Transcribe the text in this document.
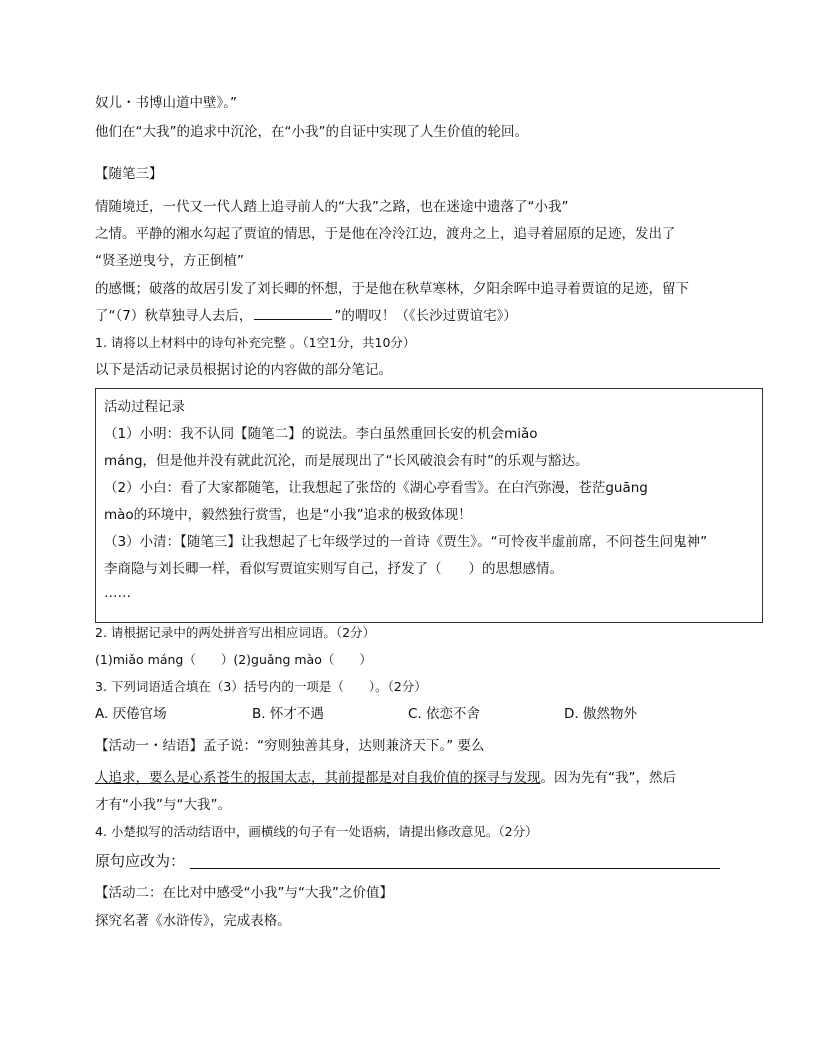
奴儿・书博山道中壁》。”
他们在“大我”的追求中沉沦，在“小我”的自证中实现了人生价值的轮回。
【随笔三】
情随境迁，一代又一代人踏上追寻前人的“大我”之路，也在迷途中遗落了“小我”
之情。平静的湘水勾起了贾谊的情思，于是他在冷泠江边，渡舟之上，追寻着屈原的足迹，发出了
“贤圣逆曳兮，方正倒植”
的感慨；破落的故居引发了刘长卿的怀想，于是他在秋草寒林，夕阳余晖中追寻着贾谊的足迹，留下
了“（7）秋草独寻人去后，	”的喟叹！（《长沙过贾谊宅》）
1. 请将以上材料中的诗句补充完整 。（1空1分，共10分）
以下是活动记录员根据讨论的内容做的部分笔记。
活动过程记录
（1）小明：我不认同【随笔二】的说法。李白虽然重回长安的机会miǎo
máng，但是他并没有就此沉沦，而是展现出了“长风破浪会有时”的乐观与豁达。
（2）小白：看了大家都随笔，让我想起了张岱的《湖心亭看雪》。在白汽弥漫，苍茫guāng
mào的环境中，毅然独行赏雪，也是“小我”追求的极致体现！
（3）小清：【随笔三】让我想起了七年级学过的一首诗《贾生》。“可怜夜半虚前席，不问苍生问鬼神”
李商隐与刘长卿一样，看似写贾谊实则写自己，抒发了（　　）的思想感情。
……
2. 请根据记录中的两处拼音写出相应词语。（2分）
(1)miǎo máng（　　）(2)guǎng mào（　　）
3. 下列词语适合填在（3）括号内的一项是（　　）。（2分）
A. 厌倦官场	B. 怀才不遇	C. 依恋不舍	D. 傲然物外
【活动一・结语】孟子说：“穷则独善其身，达则兼济天下。” 要么
人追求，要么是心系苍生的报国太志，其前提都是对自我价值的探寻与发现。因为先有“我”，然后
才有“小我”与“大我”。
4. 小楚拟写的活动结语中，画横线的句子有一处语病，请提出修改意见。（2分）
原句应改为：
【活动二：在比对中感受“小我”与“大我”之价值】
探究名著《水浒传》，完成表格。
